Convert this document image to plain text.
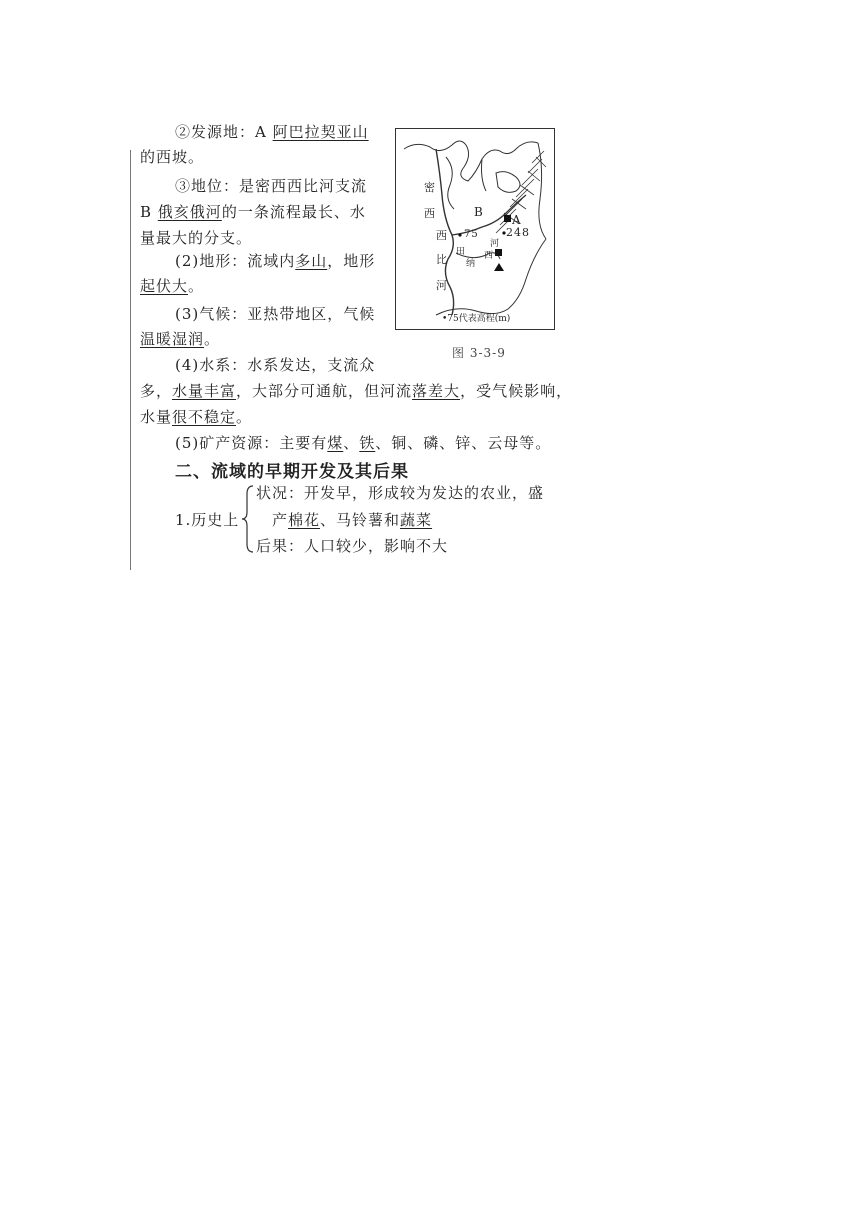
②发源地：A 阿巴拉契亚山
的西坡。
③地位：是密西西比河支流
B 俄亥俄河的一条流程最长、水
量最大的分支。
(2)地形：流域内多山，地形
起伏大。
(3)气候：亚热带地区，气候
温暖湿润。
(4)水系：水系发达，支流众
多，水量丰富，大部分可通航，但河流落差大，受气候影响，
水量很不稳定。
(5)矿产资源：主要有煤、铁、铜、磷、锌、云母等。
二、流域的早期开发及其后果
1.历史上
状况：开发早，形成较为发达的农业，盛
产棉花、马铃薯和蔬菜
后果：人口较少，影响不大
A
B
75 248
密
西
西
比
河
田
纳
西
河
•75代表高程(m)
图 3-3-9
